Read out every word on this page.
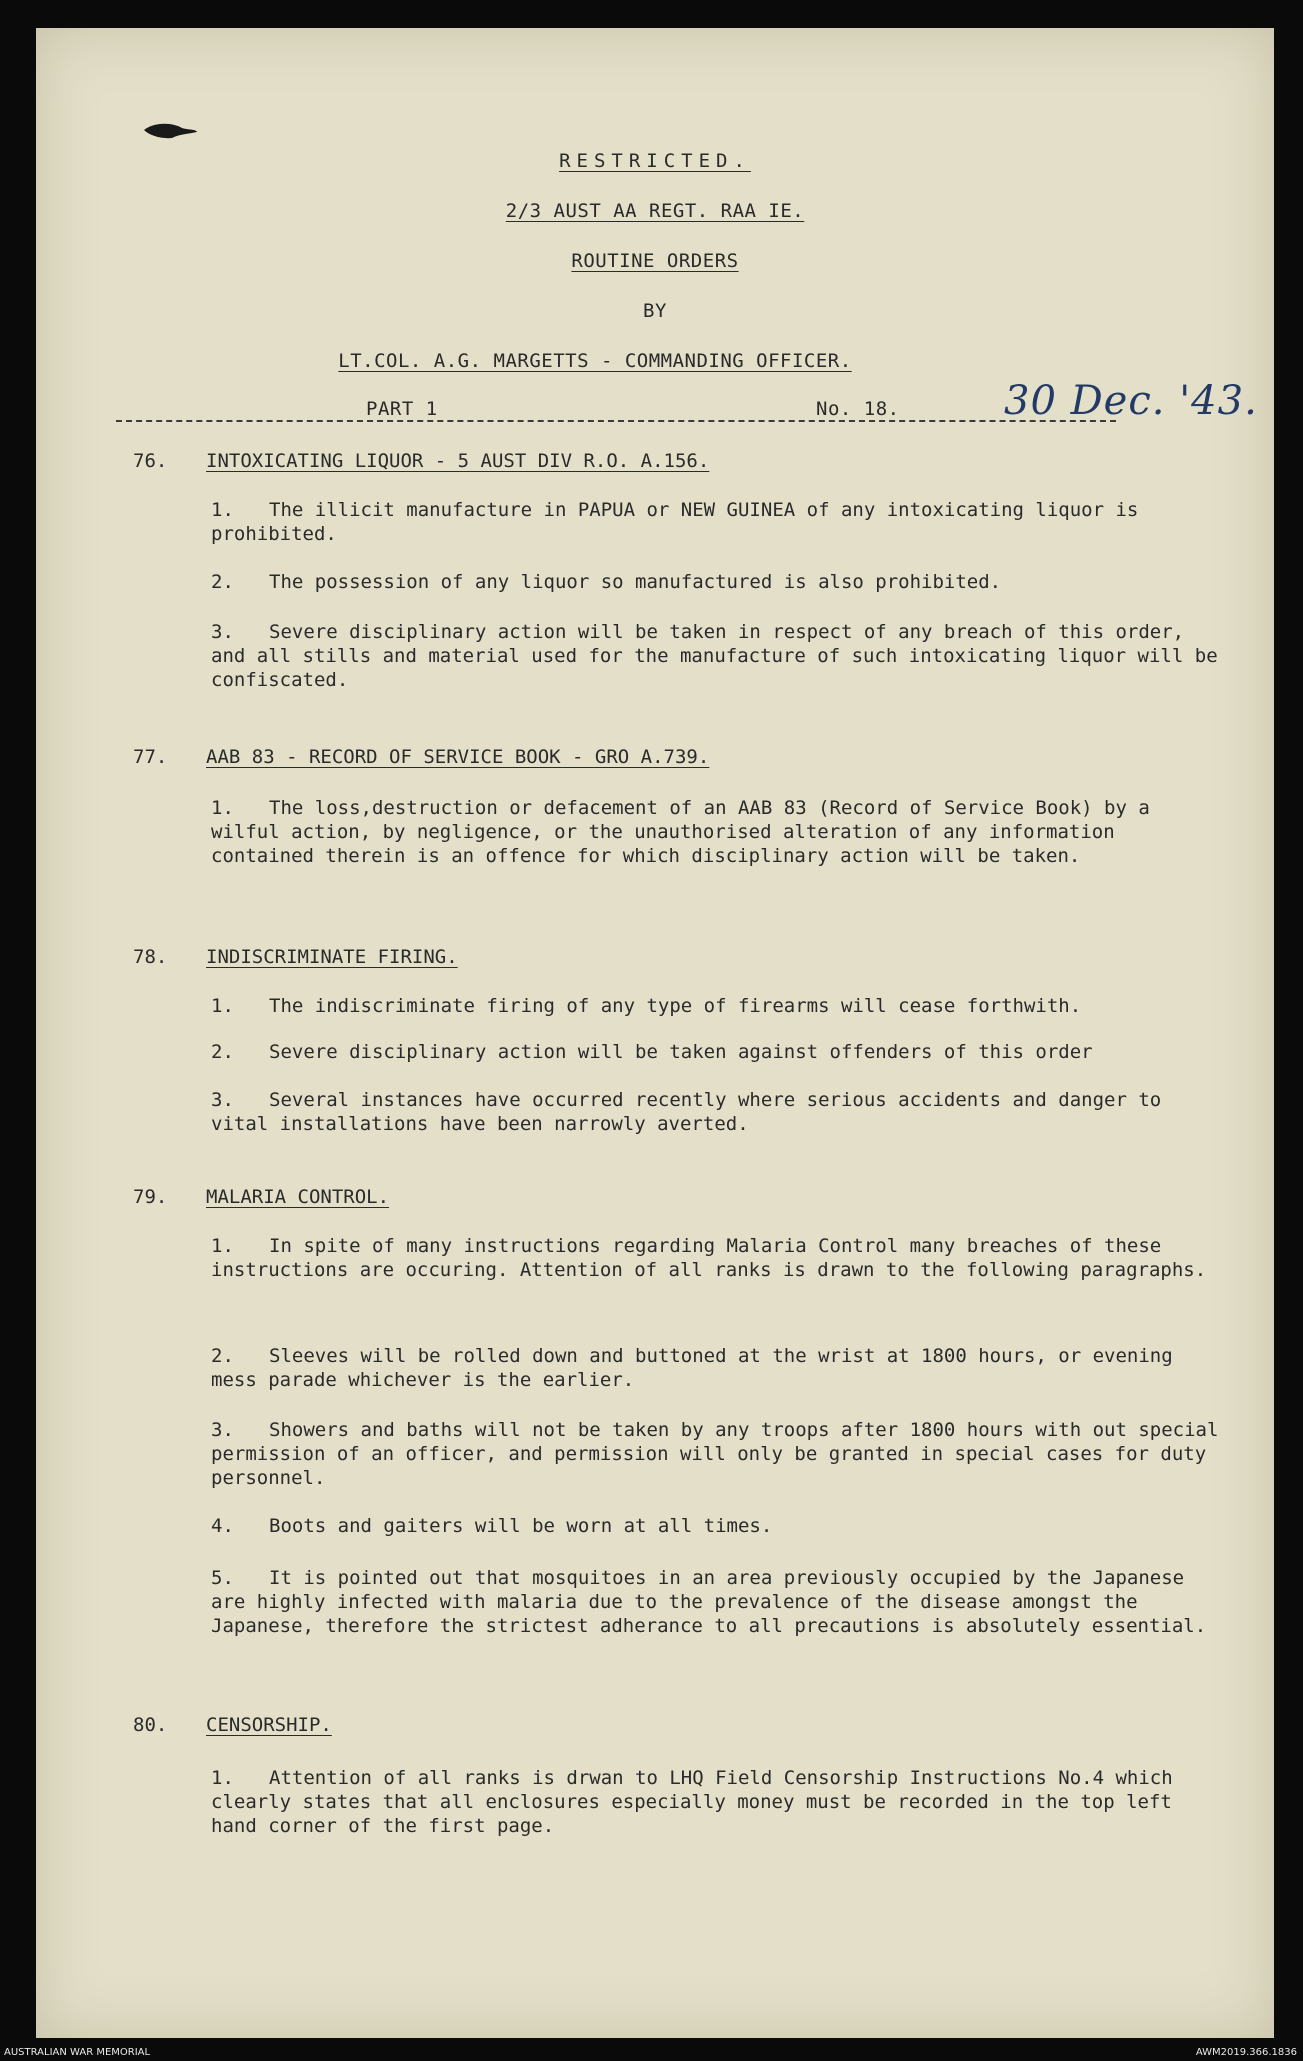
RESTRICTED.
2/3 AUST AA REGT. RAA IE.
ROUTINE ORDERS
BY
LT.COL. A.G. MARGETTS - COMMANDING OFFICER.
PART 1	No. 18.	30 Dec. '43.
76. INTOXICATING LIQUOR - 5 AUST DIV R.O. A.156.
1. The illicit manufacture in PAPUA or NEW GUINEA of any intoxicating liquor is prohibited.
2. The possession of any liquor so manufactured is also prohibited.
3. Severe disciplinary action will be taken in respect of any breach of this order, and all stills and material used for the manufacture of such intoxicating liquor will be confiscated.
77. AAB 83 - RECORD OF SERVICE BOOK - GRO A.739.
1. The loss,destruction or defacement of an AAB 83 (Record of Service Book) by a wilful action, by negligence, or the unauthorised alteration of any information contained therein is an offence for which disciplinary action will be taken.
78. INDISCRIMINATE FIRING.
1. The indiscriminate firing of any type of firearms will cease forthwith.
2. Severe disciplinary action will be taken against offenders of this order
3. Several instances have occurred recently where serious accidents and danger to vital installations have been narrowly averted.
79. MALARIA CONTROL.
1. In spite of many instructions regarding Malaria Control many breaches of these instructions are occuring. Attention of all ranks is drawn to the following paragraphs.
2. Sleeves will be rolled down and buttoned at the wrist at 1800 hours, or evening mess parade whichever is the earlier.
3. Showers and baths will not be taken by any troops after 1800 hours with out special permission of an officer, and permission will only be granted in special cases for duty personnel.
4. Boots and gaiters will be worn at all times.
5. It is pointed out that mosquitoes in an area previously occupied by the Japanese are highly infected with malaria due to the prevalence of the disease amongst the Japanese, therefore the strictest adherance to all precautions is absolutely essential.
80. CENSORSHIP.
1. Attention of all ranks is drwan to LHQ Field Censorship Instructions No.4 which clearly states that all enclosures especially money must be recorded in the top left hand corner of the first page.
AUSTRALIAN WAR MEMORIAL	AWM2019.366.1836
